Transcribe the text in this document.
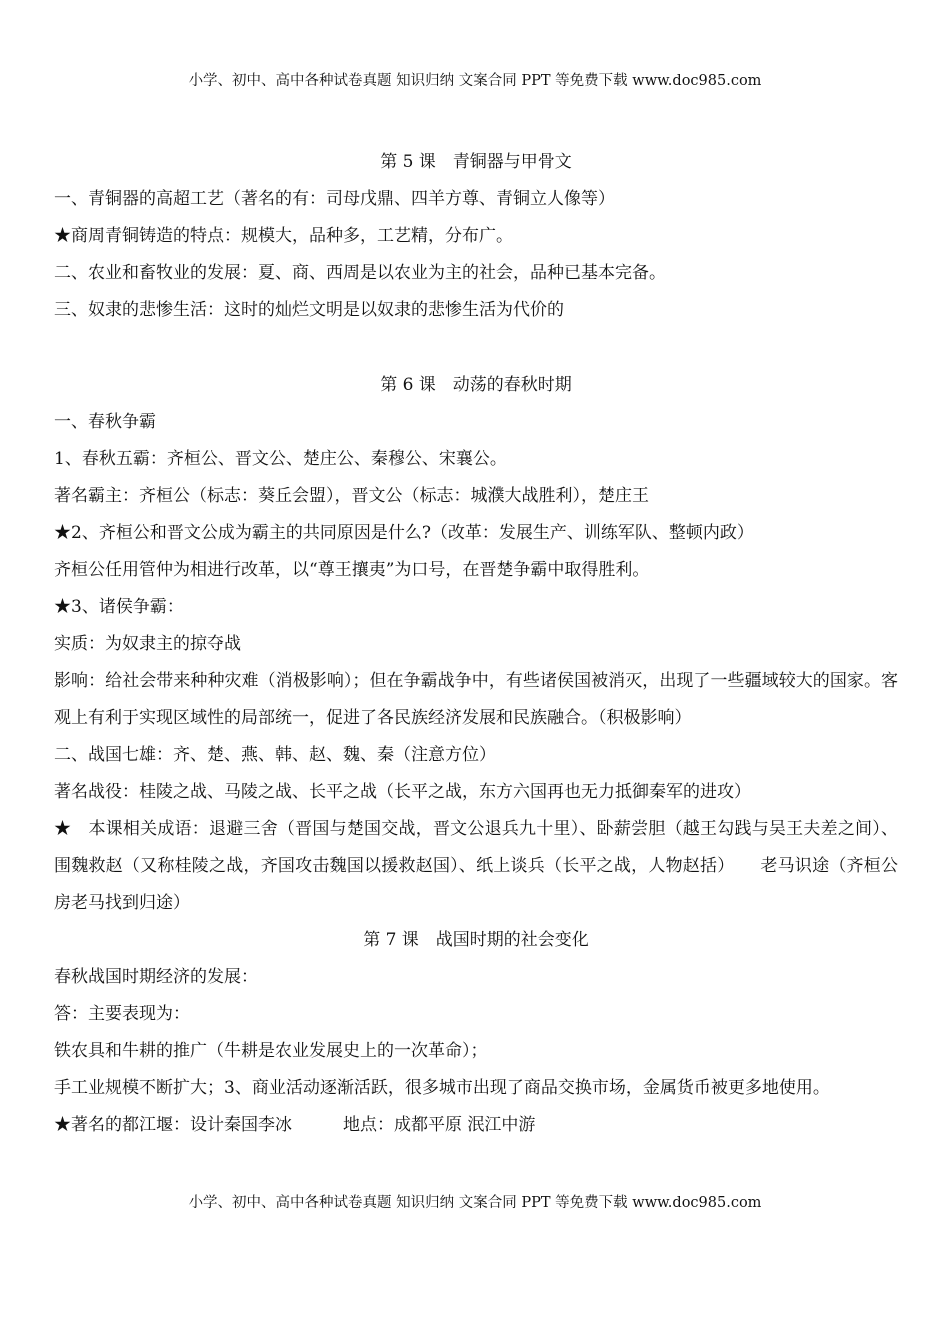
小学、初中、高中各种试卷真题 知识归纳 文案合同 PPT 等免费下载 www.doc985.com
第 5 课　青铜器与甲骨文
一、青铜器的高超工艺（著名的有：司母戊鼎、四羊方尊、青铜立人像等）
★商周青铜铸造的特点：规模大，品种多，工艺精，分布广。
二、农业和畜牧业的发展：夏、商、西周是以农业为主的社会，品种已基本完备。
三、奴隶的悲惨生活：这时的灿烂文明是以奴隶的悲惨生活为代价的
第 6 课　动荡的春秋时期
一、春秋争霸
1、春秋五霸：齐桓公、晋文公、楚庄公、秦穆公、宋襄公。
著名霸主：齐桓公（标志：葵丘会盟），晋文公（标志：城濮大战胜利），楚庄王
★2、齐桓公和晋文公成为霸主的共同原因是什么?（改革：发展生产、训练军队、整顿内政）
齐桓公任用管仲为相进行改革，以“尊王攘夷”为口号，在晋楚争霸中取得胜利。
★3、诸侯争霸：
实质：为奴隶主的掠夺战
影响：给社会带来种种灾难（消极影响）；但在争霸战争中，有些诸侯国被消灭，出现了一些疆域较大的国家。客观上有利于实现区域性的局部统一，促进了各民族经济发展和民族融合。（积极影响）
二、战国七雄：齐、楚、燕、韩、赵、魏、秦（注意方位）
著名战役：桂陵之战、马陵之战、长平之战（长平之战，东方六国再也无力抵御秦军的进攻）
★　本课相关成语：退避三舍（晋国与楚国交战，晋文公退兵九十里）、卧薪尝胆（越王勾践与吴王夫差之间）、围魏救赵（又称桂陵之战，齐国攻击魏国以援救赵国）、纸上谈兵（长平之战，人物赵括）　　老马识途（齐桓公房老马找到归途）
第 7 课　战国时期的社会变化
春秋战国时期经济的发展：
答：主要表现为：
铁农具和牛耕的推广（牛耕是农业发展史上的一次革命）；
手工业规模不断扩大；3、商业活动逐渐活跃，很多城市出现了商品交换市场，金属货币被更多地使用。
★著名的都江堰：设计秦国李冰　　　地点：成都平原 泯江中游
小学、初中、高中各种试卷真题 知识归纳 文案合同 PPT 等免费下载 www.doc985.com
